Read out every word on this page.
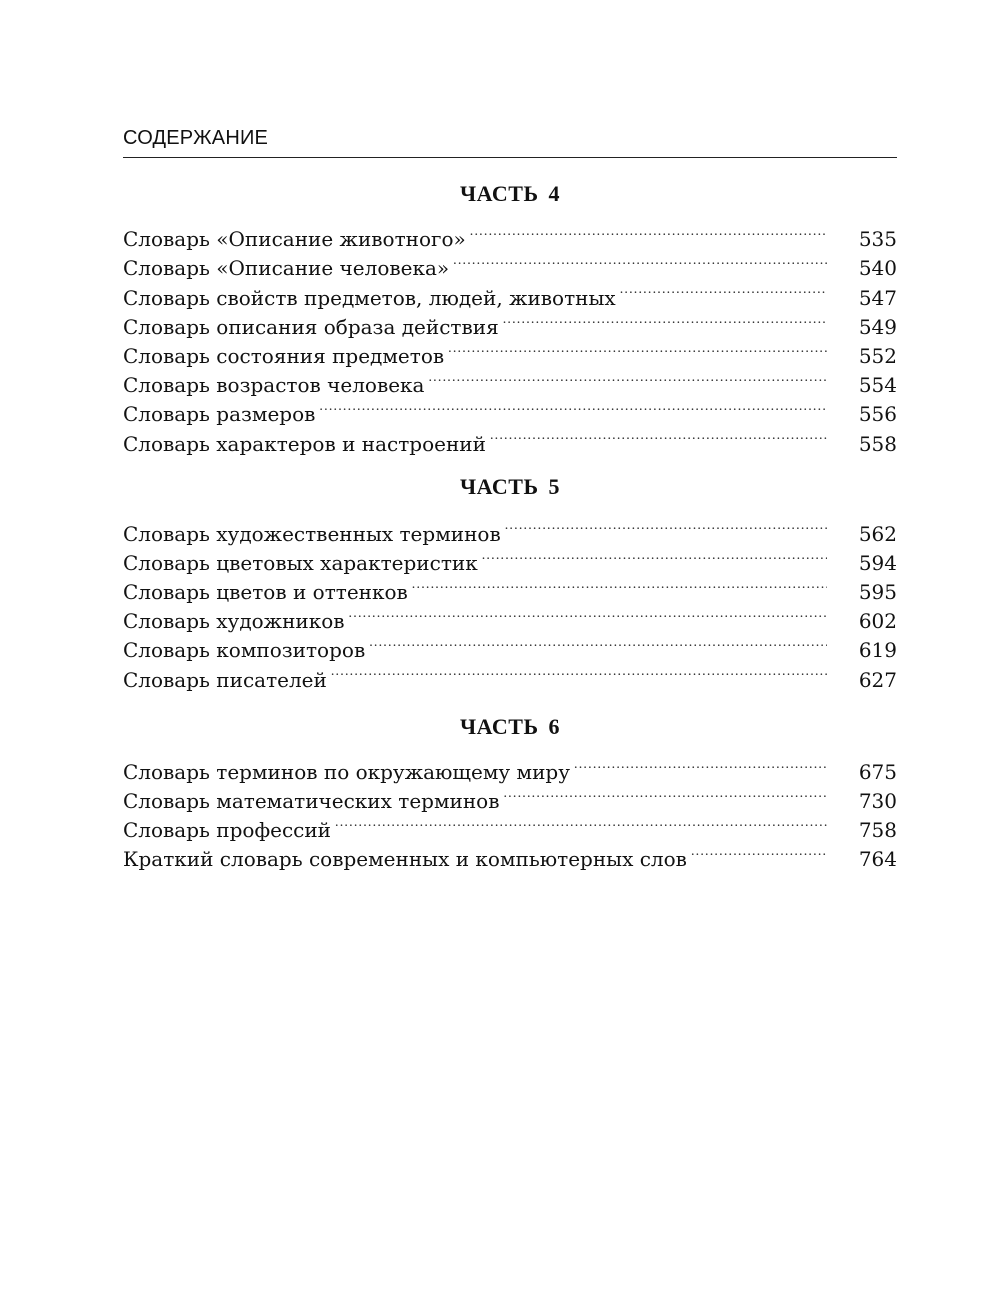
СОДЕРЖАНИЕ
ЧАСТЬ 4
Словарь «Описание животного» .....	535
Словарь «Описание человека» .....	540
Словарь свойств предметов, людей, животных .....	547
Словарь описания образа действия .....	549
Словарь состояния предметов .....	552
Словарь возрастов человека .....	554
Словарь размеров .....	556
Словарь характеров и настроений .....	558
ЧАСТЬ 5
Словарь художественных терминов .....	562
Словарь цветовых характеристик .....	594
Словарь цветов и оттенков .....	595
Словарь художников .....	602
Словарь композиторов .....	619
Словарь писателей .....	627
ЧАСТЬ 6
Словарь терминов по окружающему миру .....	675
Словарь математических терминов .....	730
Словарь профессий .....	758
Краткий словарь современных и компьютерных слов .....	764
